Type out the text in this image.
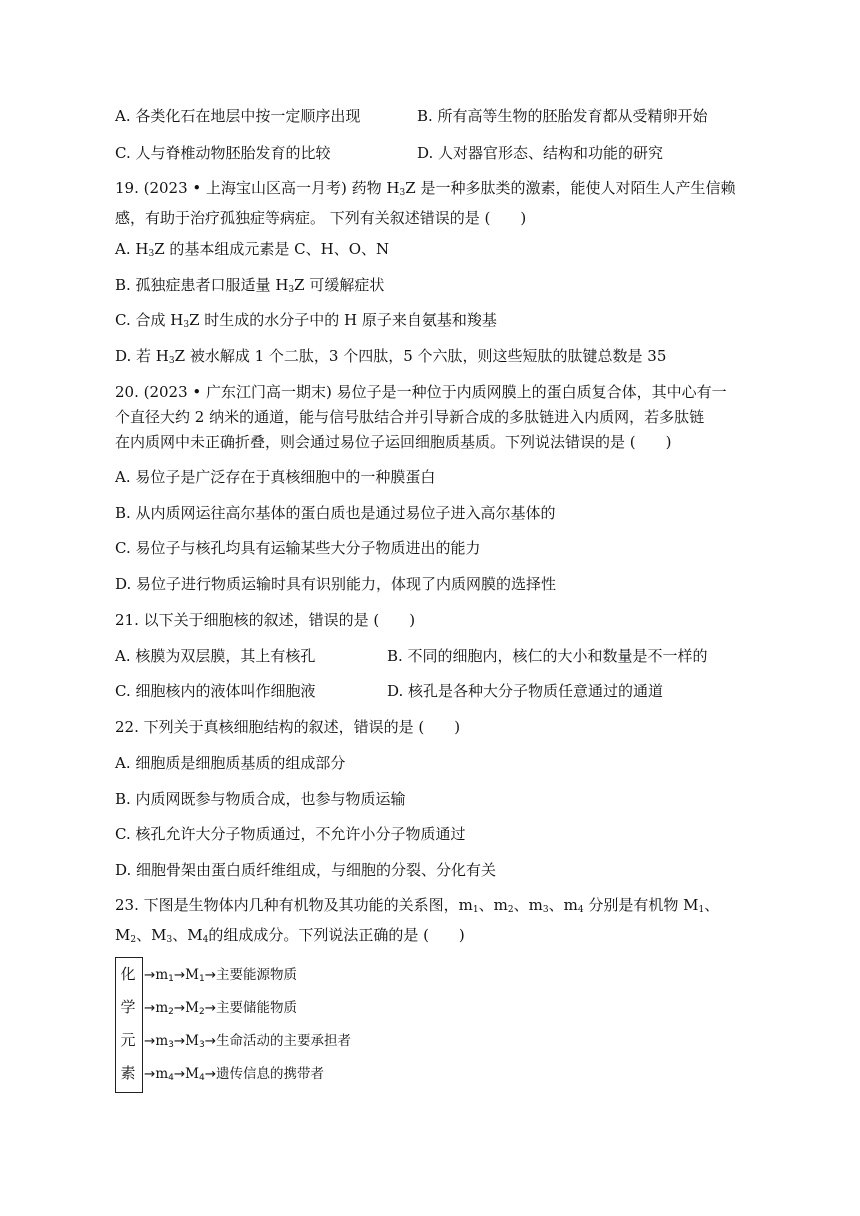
A. 各类化石在地层中按一定顺序出现	B. 所有高等生物的胚胎发育都从受精卵开始
C. 人与脊椎动物胚胎发育的比较	D. 人对器官形态、结构和功能的研究
19. (2023 • 上海宝山区高一月考) 药物 $H_3Z$ 是一种多肽类的激素，能使人对陌生人产生信赖
感，有助于治疗孤独症等病症。 下列有关叙述错误的是 (　　)
A. $H_3Z$ 的基本组成元素是 C、H、O、N
B. 孤独症患者口服适量 $H_3Z$ 可缓解症状
C. 合成 $H_3Z$ 时生成的水分子中的 H 原子来自氨基和羧基
D. 若 $H_3Z$ 被水解成 1 个二肽，3 个四肽，5 个六肽，则这些短肽的肽键总数是 35
20. (2023 • 广东江门高一期末) 易位子是一种位于内质网膜上的蛋白质复合体，其中心有一
个直径大约 2 纳米的通道，能与信号肽结合并引导新合成的多肽链进入内质网，若多肽链
在内质网中未正确折叠，则会通过易位子运回细胞质基质。下列说法错误的是 (　　)
A. 易位子是广泛存在于真核细胞中的一种膜蛋白
B. 从内质网运往高尔基体的蛋白质也是通过易位子进入高尔基体的
C. 易位子与核孔均具有运输某些大分子物质进出的能力
D. 易位子进行物质运输时具有识别能力，体现了内质网膜的选择性
21. 以下关于细胞核的叙述，错误的是 (　　)
A. 核膜为双层膜，其上有核孔	B. 不同的细胞内，核仁的大小和数量是不一样的
C. 细胞核内的液体叫作细胞液	D. 核孔是各种大分子物质任意通过的通道
22. 下列关于真核细胞结构的叙述，错误的是 (　　)
A. 细胞质是细胞质基质的组成部分
B. 内质网既参与物质合成，也参与物质运输
C. 核孔允许大分子物质通过，不允许小分子物质通过
D. 细胞骨架由蛋白质纤维组成，与细胞的分裂、分化有关
23. 下图是生物体内几种有机物及其功能的关系图，$m_1$、$m_2$、$m_3$、$m_4$ 分别是有机物 $M_1$、
$M_2$、$M_3$、$M_4$的组成成分。下列说法正确的是 (　　)
化
学
元
素
$\to m_1\to M_1\to$主要能源物质
$\to m_2\to M_2\to$主要储能物质
$\to m_3\to M_3\to$生命活动的主要承担者
$\to m_4\to M_4\to$遗传信息的携带者
